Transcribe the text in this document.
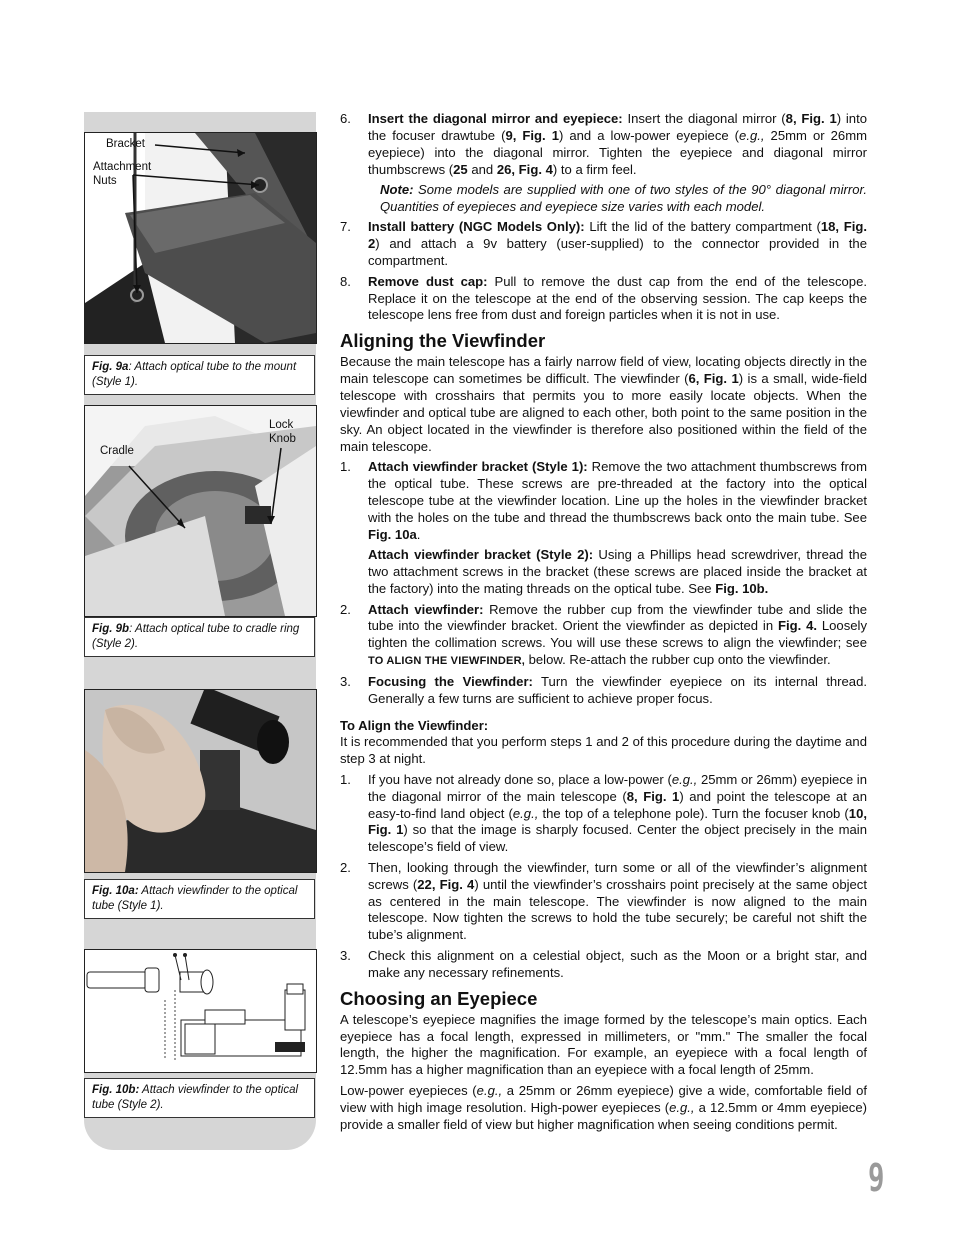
Bracket
Attachment
Nuts
Fig. 9a: Attach optical tube to the mount (Style 1).
Cradle
Lock
Knob
Fig. 9b: Attach optical tube to cradle ring (Style 2).
Fig. 10a: Attach viewfinder to the optical tube (Style 1).
Fig. 10b: Attach viewfinder to the optical tube (Style 2).
6. Insert the diagonal mirror and eyepiece: Insert the diagonal mirror (8, Fig. 1) into the focuser drawtube (9, Fig. 1) and a low-power eyepiece (e.g., 25mm or 26mm eyepiece) into the diagonal mirror. Tighten the eyepiece and diagonal mirror thumbscrews (25 and 26, Fig. 4) to a firm feel.

Note: Some models are supplied with one of two styles of the 90° diagonal mirror. Quantities of eyepieces and eyepiece size varies with each model.

7. Install battery (NGC Models Only): Lift the lid of the battery compartment (18, Fig. 2) and attach a 9v battery (user-supplied) to the connector provided in the compartment.

8. Remove dust cap: Pull to remove the dust cap from the end of the telescope. Replace it on the telescope at the end of the observing session. The cap keeps the telescope lens free from dust and foreign particles when it is not in use.

Aligning the Viewfinder

Because the main telescope has a fairly narrow field of view, locating objects directly in the main telescope can sometimes be difficult. The viewfinder (6, Fig. 1) is a small, wide-field telescope with crosshairs that permits you to more easily locate objects. When the viewfinder and optical tube are aligned to each other, both point to the same position in the sky. An object located in the viewfinder is therefore also positioned within the field of the main telescope.

1. Attach viewfinder bracket (Style 1): Remove the two attachment thumbscrews from the optical tube. These screws are pre-threaded at the factory into the optical telescope tube at the viewfinder location. Line up the holes in the viewfinder bracket with the holes on the tube and thread the thumbscrews back onto the main tube. See Fig. 10a.

Attach viewfinder bracket (Style 2): Using a Phillips head screwdriver, thread the two attachment screws in the bracket (these screws are placed inside the bracket at the factory) into the mating threads on the optical tube. See Fig. 10b.

2. Attach viewfinder: Remove the rubber cup from the viewfinder tube and slide the tube into the viewfinder bracket. Orient the viewfinder as depicted in Fig. 4. Loosely tighten the collimation screws. You will use these screws to align the viewfinder; see TO ALIGN THE VIEWFINDER, below. Re-attach the rubber cup onto the viewfinder.

3. Focusing the Viewfinder: Turn the viewfinder eyepiece on its internal thread. Generally a few turns are sufficient to achieve proper focus.

To Align the Viewfinder:

It is recommended that you perform steps 1 and 2 of this procedure during the daytime and step 3 at night.

1. If you have not already done so, place a low-power (e.g., 25mm or 26mm) eyepiece in the diagonal mirror of the main telescope (8, Fig. 1) and point the telescope at an easy-to-find land object (e.g., the top of a telephone pole). Turn the focuser knob (10, Fig. 1) so that the image is sharply focused. Center the object precisely in the main telescope’s field of view.

2. Then, looking through the viewfinder, turn some or all of the viewfinder’s alignment screws (22, Fig. 4) until the viewfinder’s crosshairs point precisely at the same object as centered in the main telescope. The viewfinder is now aligned to the main telescope. Now tighten the screws to hold the tube securely; be careful not shift the tube’s alignment.

3. Check this alignment on a celestial object, such as the Moon or a bright star, and make any necessary refinements.

Choosing an Eyepiece

A telescope’s eyepiece magnifies the image formed by the telescope’s main optics. Each eyepiece has a focal length, expressed in millimeters, or "mm." The smaller the focal length, the higher the magnification. For example, an eyepiece with a focal length of 12.5mm has a higher magnification than an eyepiece with a focal length of 25mm.

Low-power eyepieces (e.g., a 25mm or 26mm eyepiece) give a wide, comfortable field of view with high image resolution. High-power eyepieces (e.g., a 12.5mm or 4mm eyepiece) provide a smaller field of view but higher magnification when seeing conditions permit.

9
